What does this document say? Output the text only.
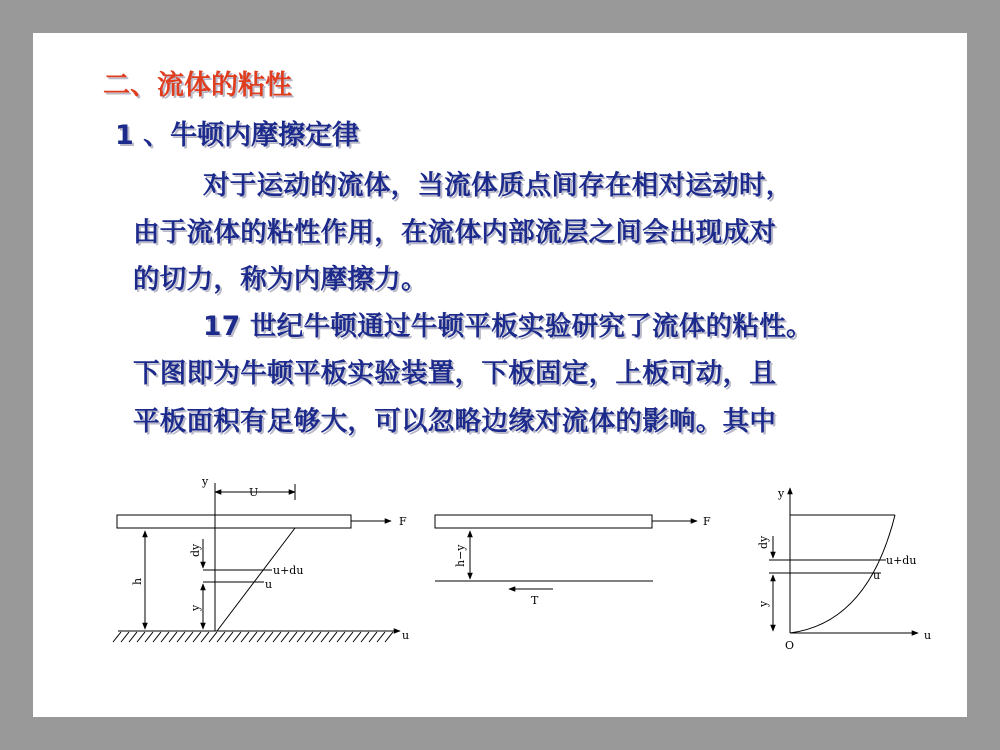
二、流体的粘性
1 、牛顿内摩擦定律
对于运动的流体，当流体质点间存在相对运动时，
由于流体的粘性作用，在流体内部流层之间会出现成对
的切力，称为内摩擦力。
17 世纪牛顿通过牛顿平板实验研究了流体的粘性。
下图即为牛顿平板实验装置，下板固定，上板可动，且
平板面积有足够大，可以忽略边缘对流体的影响。其中
y
U
F
dy
u+du
u
h
y
u
F
h−y
T
y
dy
u+du
u
y
O
u
